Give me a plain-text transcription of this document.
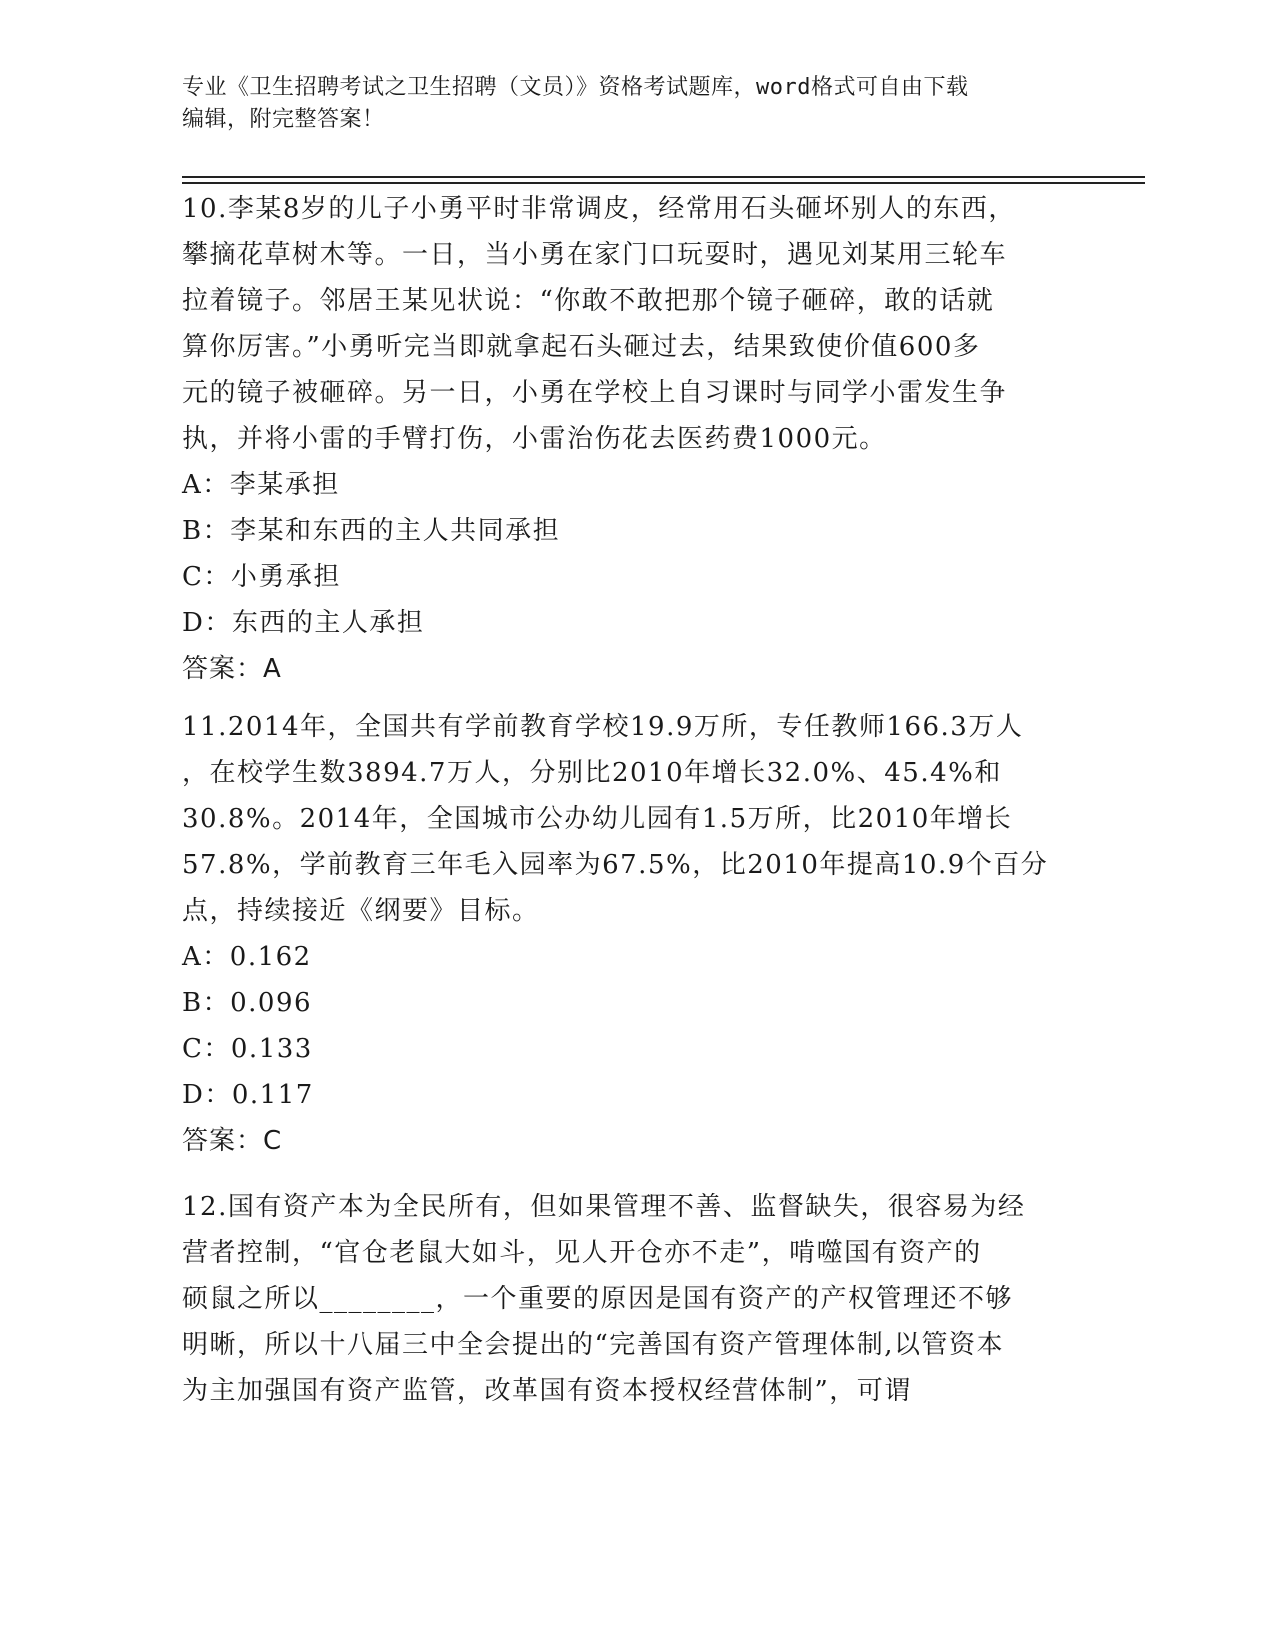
专业《卫生招聘考试之卫生招聘（文员）》资格考试题库，word格式可自由下载
编辑，附完整答案！

10.李某8岁的儿子小勇平时非常调皮，经常用石头砸坏别人的东西，

攀摘花草树木等。一日，当小勇在家门口玩耍时，遇见刘某用三轮车

拉着镜子。邻居王某见状说：“你敢不敢把那个镜子砸碎，敢的话就

算你厉害。”小勇听完当即就拿起石头砸过去，结果致使价值600多

元的镜子被砸碎。另一日，小勇在学校上自习课时与同学小雷发生争

执，并将小雷的手臂打伤，小雷治伤花去医药费1000元。

A：李某承担

B：李某和东西的主人共同承担

C：小勇承担

D：东西的主人承担

答案：A

11.2014年，全国共有学前教育学校19.9万所，专任教师166.3万人

，在校学生数3894.7万人，分别比2010年增长32.0%、45.4%和

30.8%。2014年，全国城市公办幼儿园有1.5万所，比2010年增长

57.8%，学前教育三年毛入园率为67.5%，比2010年提高10.9个百分

点，持续接近《纲要》目标。

A：0.162

B：0.096

C：0.133

D：0.117

答案：C

12.国有资产本为全民所有，但如果管理不善、监督缺失，很容易为经

营者控制，“官仓老鼠大如斗，见人开仓亦不走”，啃噬国有资产的

硕鼠之所以________，一个重要的原因是国有资产的产权管理还不够

明晰，所以十八届三中全会提出的“完善国有资产管理体制,以管资本

为主加强国有资产监管，改革国有资本授权经营体制”，可谓
